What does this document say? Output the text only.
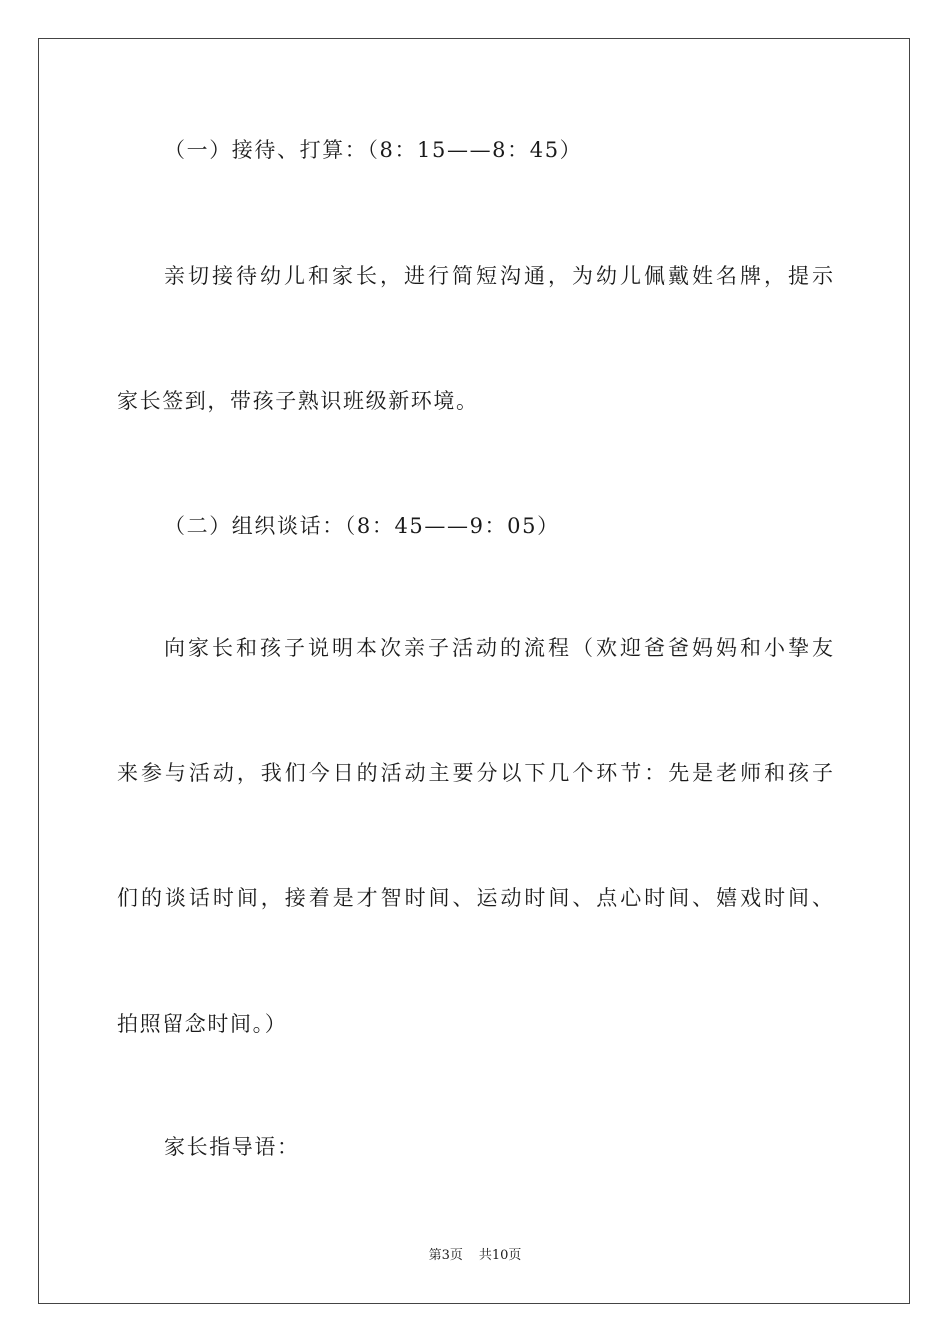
（一）接待、打算：（8：15——8：45）
亲切接待幼儿和家长，进行简短沟通，为幼儿佩戴姓名牌，提示
家长签到，带孩子熟识班级新环境。
（二）组织谈话：（8：45——9：05）
向家长和孩子说明本次亲子活动的流程（欢迎爸爸妈妈和小挚友
来参与活动，我们今日的活动主要分以下几个环节：先是老师和孩子
们的谈话时间，接着是才智时间、运动时间、点心时间、嬉戏时间、
拍照留念时间。）
家长指导语：
第3页 共10页
